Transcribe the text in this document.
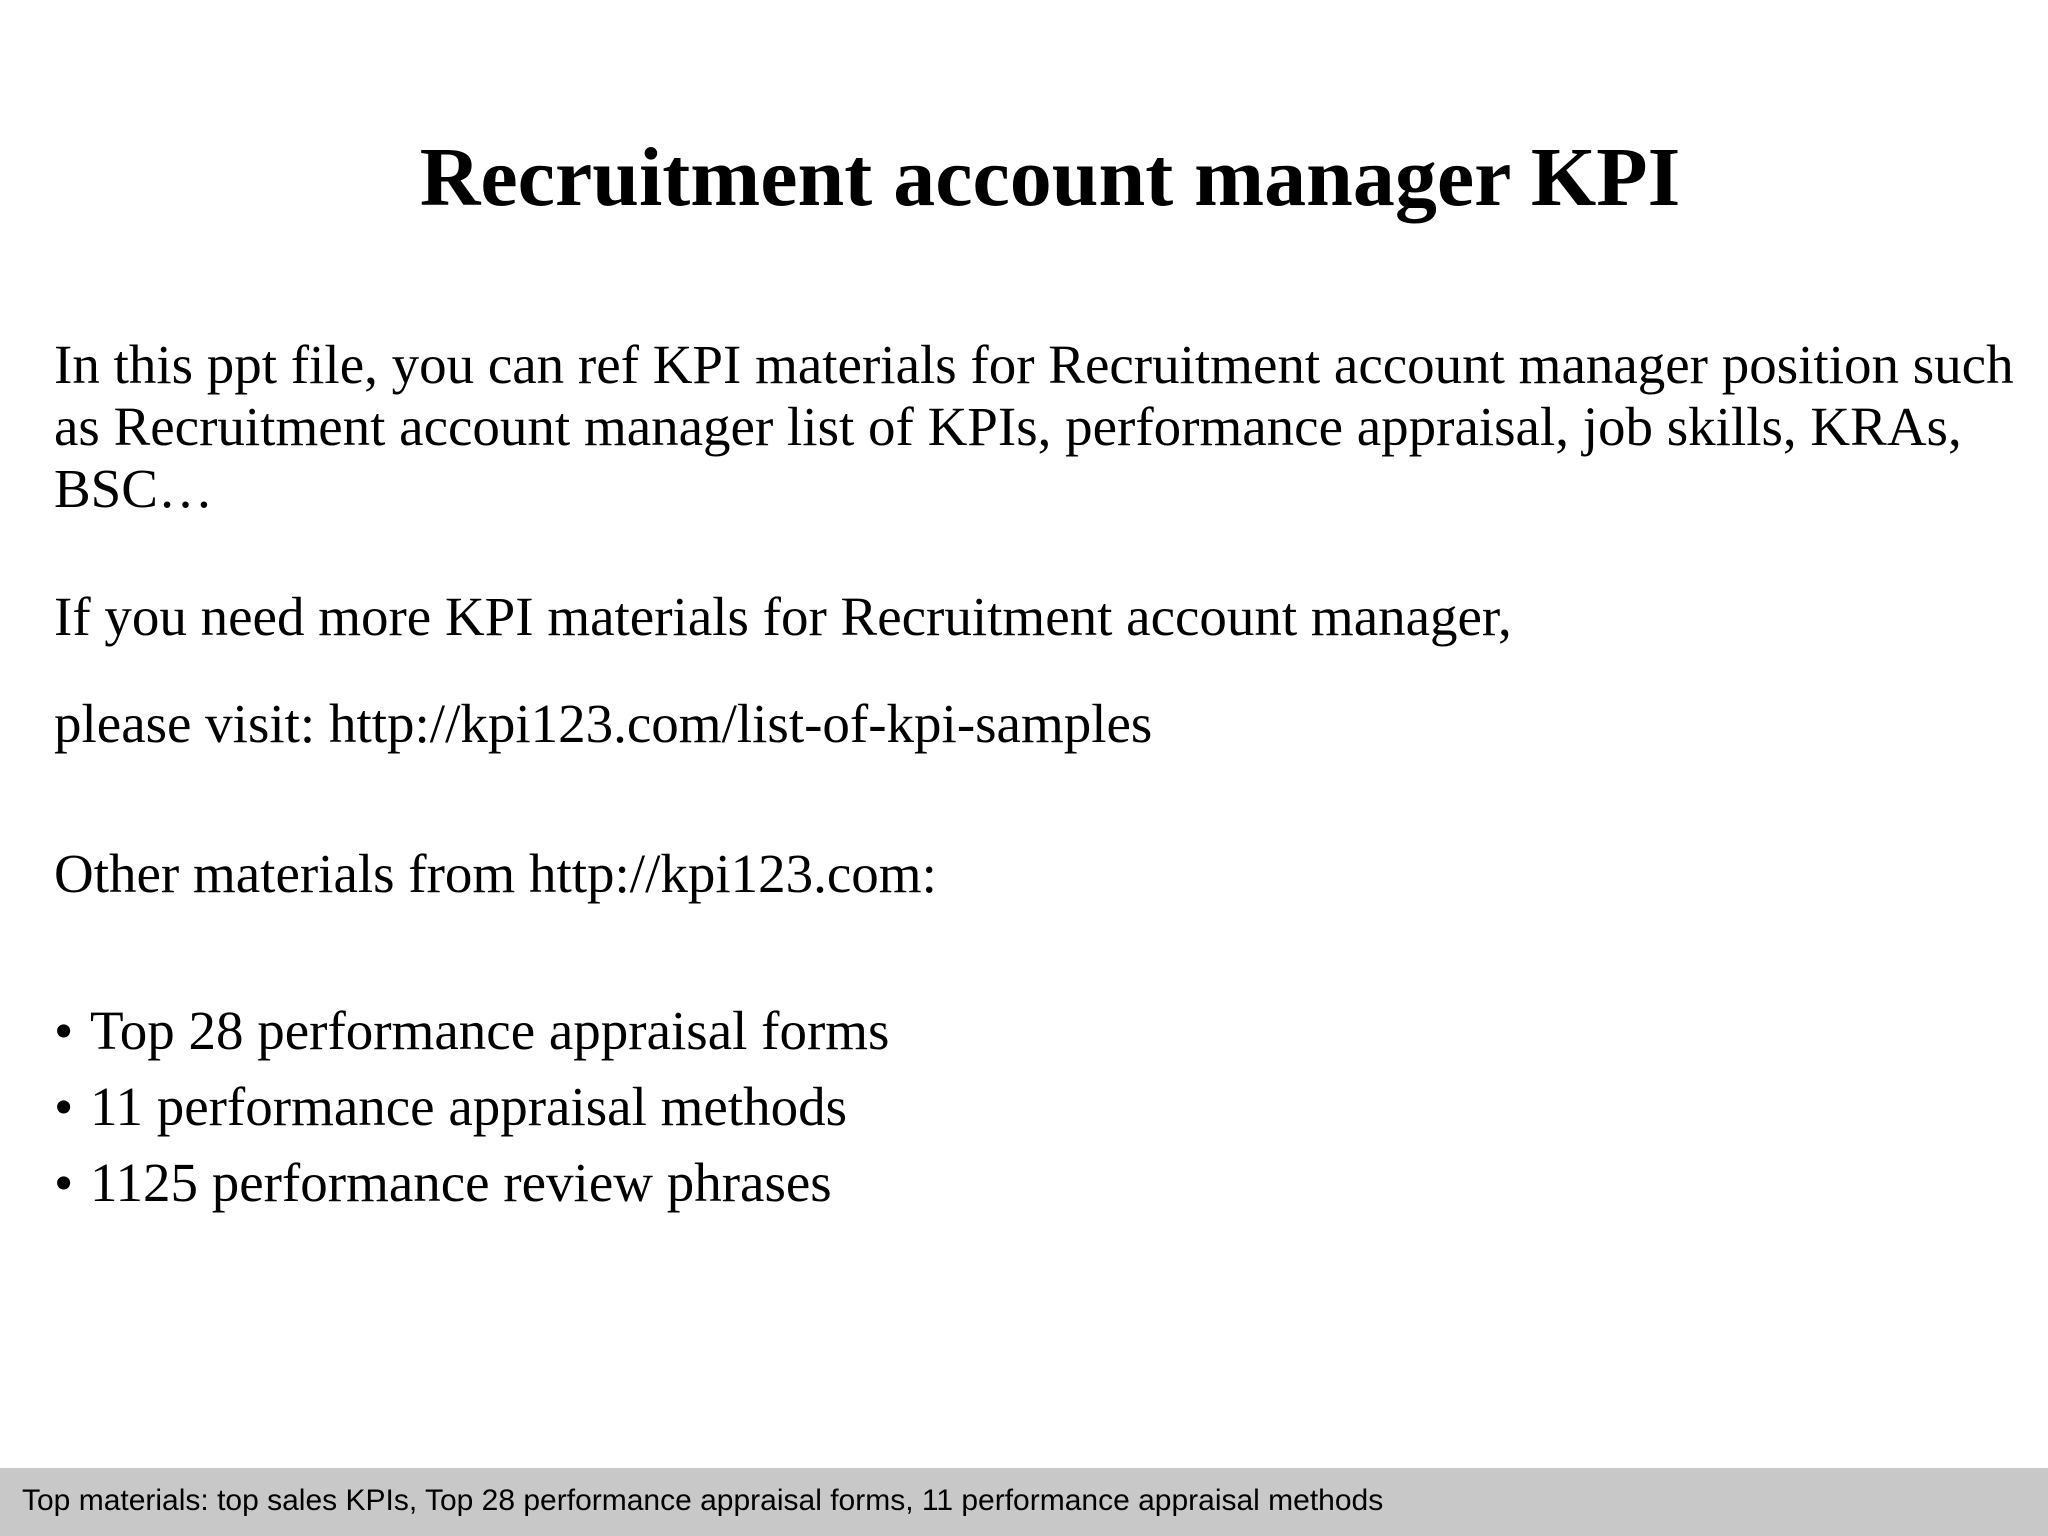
Recruitment account manager KPI

In this ppt file, you can ref KPI materials for Recruitment account manager position such as Recruitment account manager list of KPIs, performance appraisal, job skills, KRAs, BSC…

If you need more KPI materials for Recruitment account manager,

please visit: http://kpi123.com/list-of-kpi-samples

Other materials from http://kpi123.com:

• Top 28 performance appraisal forms
• 11 performance appraisal methods
• 1125 performance review phrases
Top materials: top sales KPIs, Top 28 performance appraisal forms, 11 performance appraisal methods
